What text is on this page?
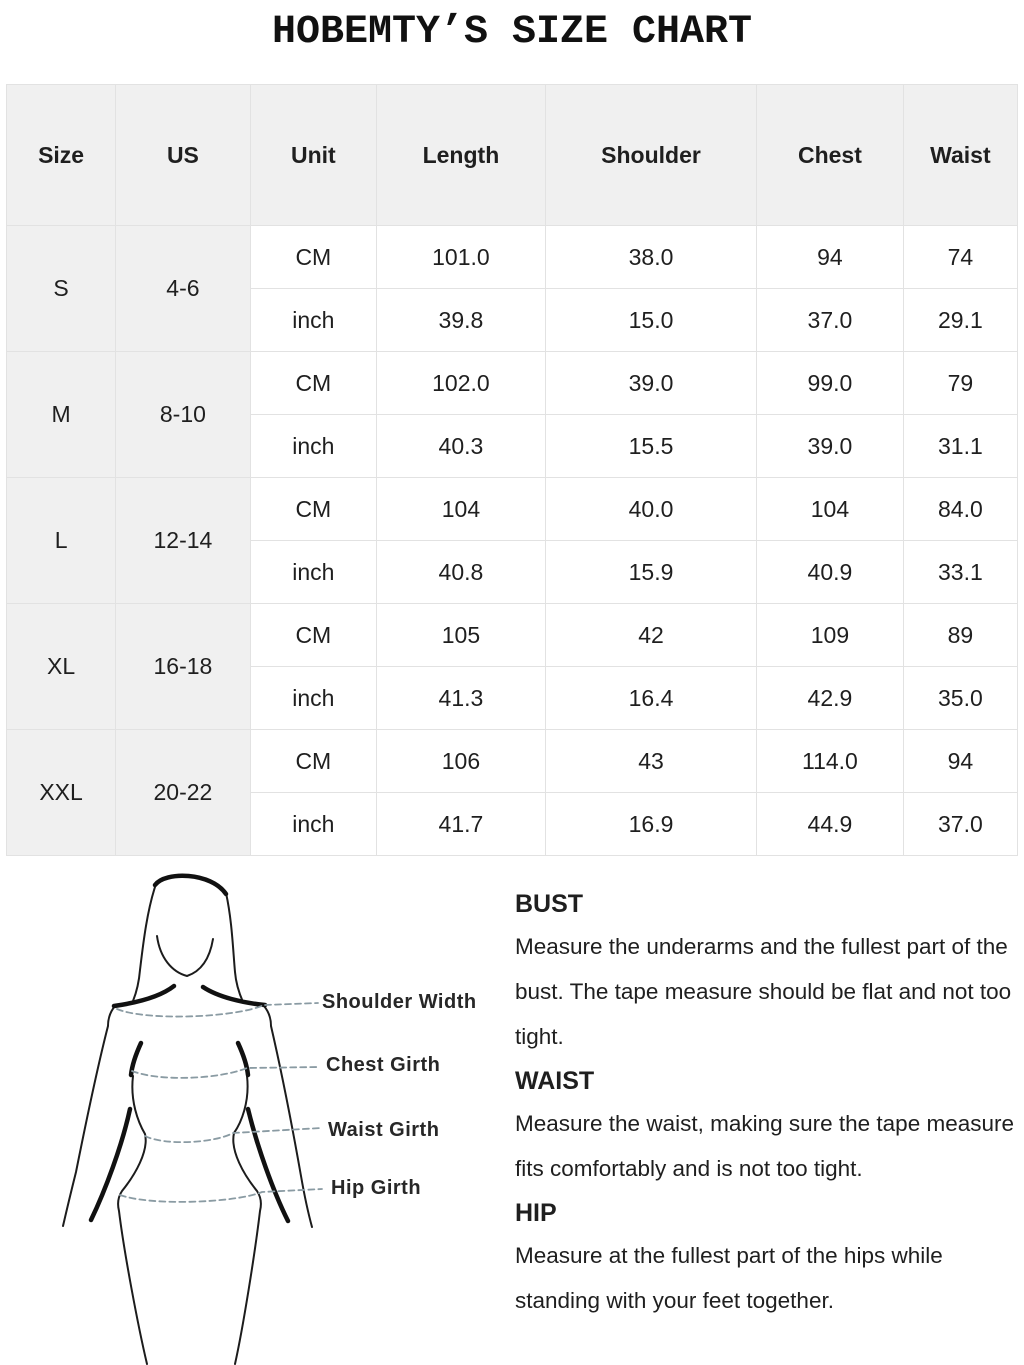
HOBEMTY’S SIZE CHART
Size	US	Unit	Length	Shoulder	Chest	Waist
S	4-6	CM	101.0	38.0	94	74
		inch	39.8	15.0	37.0	29.1
M	8-10	CM	102.0	39.0	99.0	79
		inch	40.3	15.5	39.0	31.1
L	12-14	CM	104	40.0	104	84.0
		inch	40.8	15.9	40.9	33.1
XL	16-18	CM	105	42	109	89
		inch	41.3	16.4	42.9	35.0
XXL	20-22	CM	106	43	114.0	94
		inch	41.7	16.9	44.9	37.0
Shoulder Width
Chest Girth
Waist Girth
Hip Girth
BUST

Measure the underarms and the fullest part of the bust. The tape measure should be flat and not too tight.

WAIST

Measure the waist, making sure the tape measure fits comfortably and is not too tight.

HIP

Measure at the fullest part of the hips while standing with your feet together.
